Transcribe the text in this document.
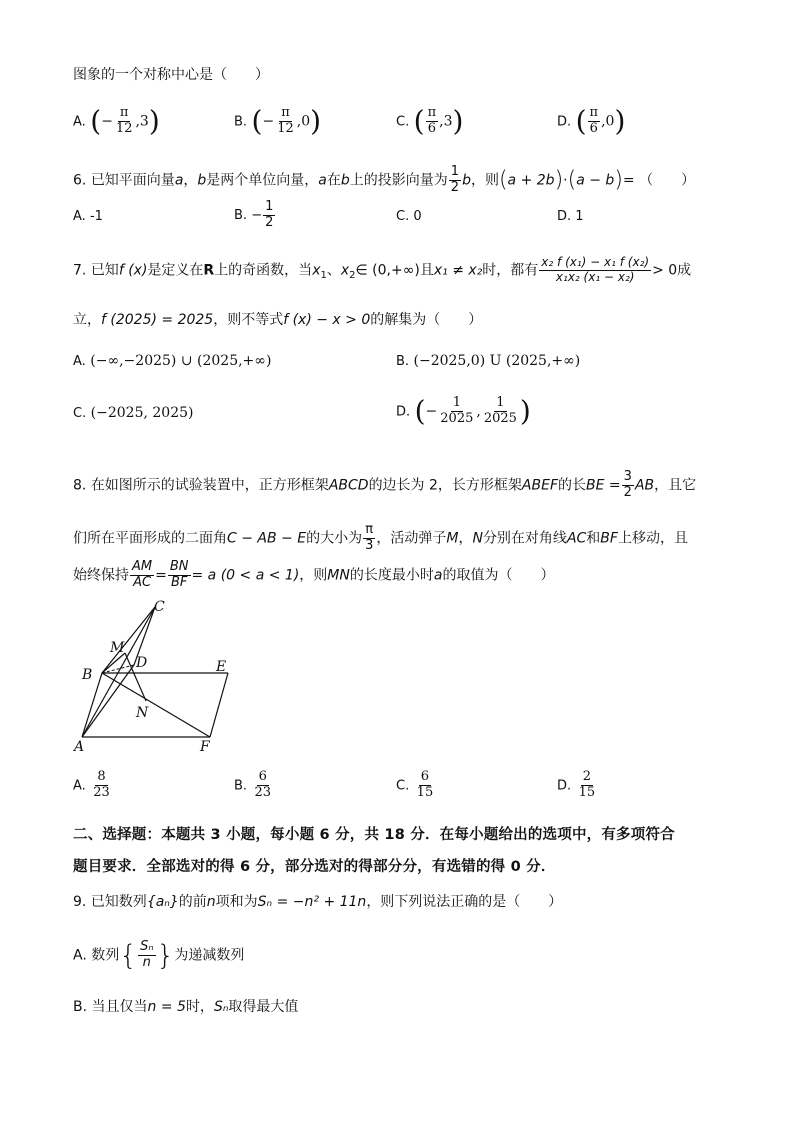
图象的一个对称中心是（　　）
A. (− $\frac{\pi}{12} ,3$)	B. (− $\frac{\pi}{12} ,0$)	C. ( $\frac{\pi}{6} ,3$)	D. ( $\frac{\pi}{6} ,0$)
6. 已知平面向量a，b是两个单位向量，a在b上的投影向量为 $\frac{1}{2}$ b，则(a + 2b)·(a − b)= （　　）
A. -1	B. − $\frac{1}{2}$	C. 0	D. 1
7. 已知f (x)是定义在R上的奇函数，当$x_1$、$x_2\in$ (0,+∞)且x₁ ≠ x₂时，都有 $\frac{\text{x₂ f (x₁) − x₁ f (x₂)}}{\text{x₁x₂ (x₁ − x₂)}} > 0$成
立，f (2025) = 2025，则不等式f (x) − x > 0的解集为（　　）
A. (−∞,−2025) ∪ (2025,+∞)	B. (−2025,0) U (2025,+∞)
C. (−2025, 2025)	D. (− $\frac{1}{2025}$ , $\frac{1}{2025}$ )
8. 在如图所示的试验装置中，正方形框架ABCD的边长为 2，长方形框架ABEF的长BE = $\frac{3}{2}$ AB，且它
们所在平面形成的二面角C − AB − E的大小为 $\frac{\pi}{3}$ ，活动弹子M，N分别在对角线AC和BF上移动，且
始终保持 $\frac{AM}{AC} = \frac{BN}{BF} = a$ (0 < a < 1)，则MN的长度最小时a的取值为（　　）
C
M
D	E
B
N
A	F
A. $\frac{8}{23}$	B. $\frac{6}{23}$	C. $\frac{6}{15}$	D. $\frac{2}{15}$
二、选择题：本题共 3 小题，每小题 6 分，共 18 分．在每小题给出的选项中，有多项符合
题目要求．全部选对的得 6 分，部分选对的得部分分，有选错的得 0 分．
9. 已知数列{aₙ}的前n项和为Sₙ = −n² + 11n，则下列说法正确的是（　　）
A. 数列{ $\frac{\text{Sₙ}}{n}$ }为递减数列
B. 当且仅当n = 5时，Sₙ取得最大值
